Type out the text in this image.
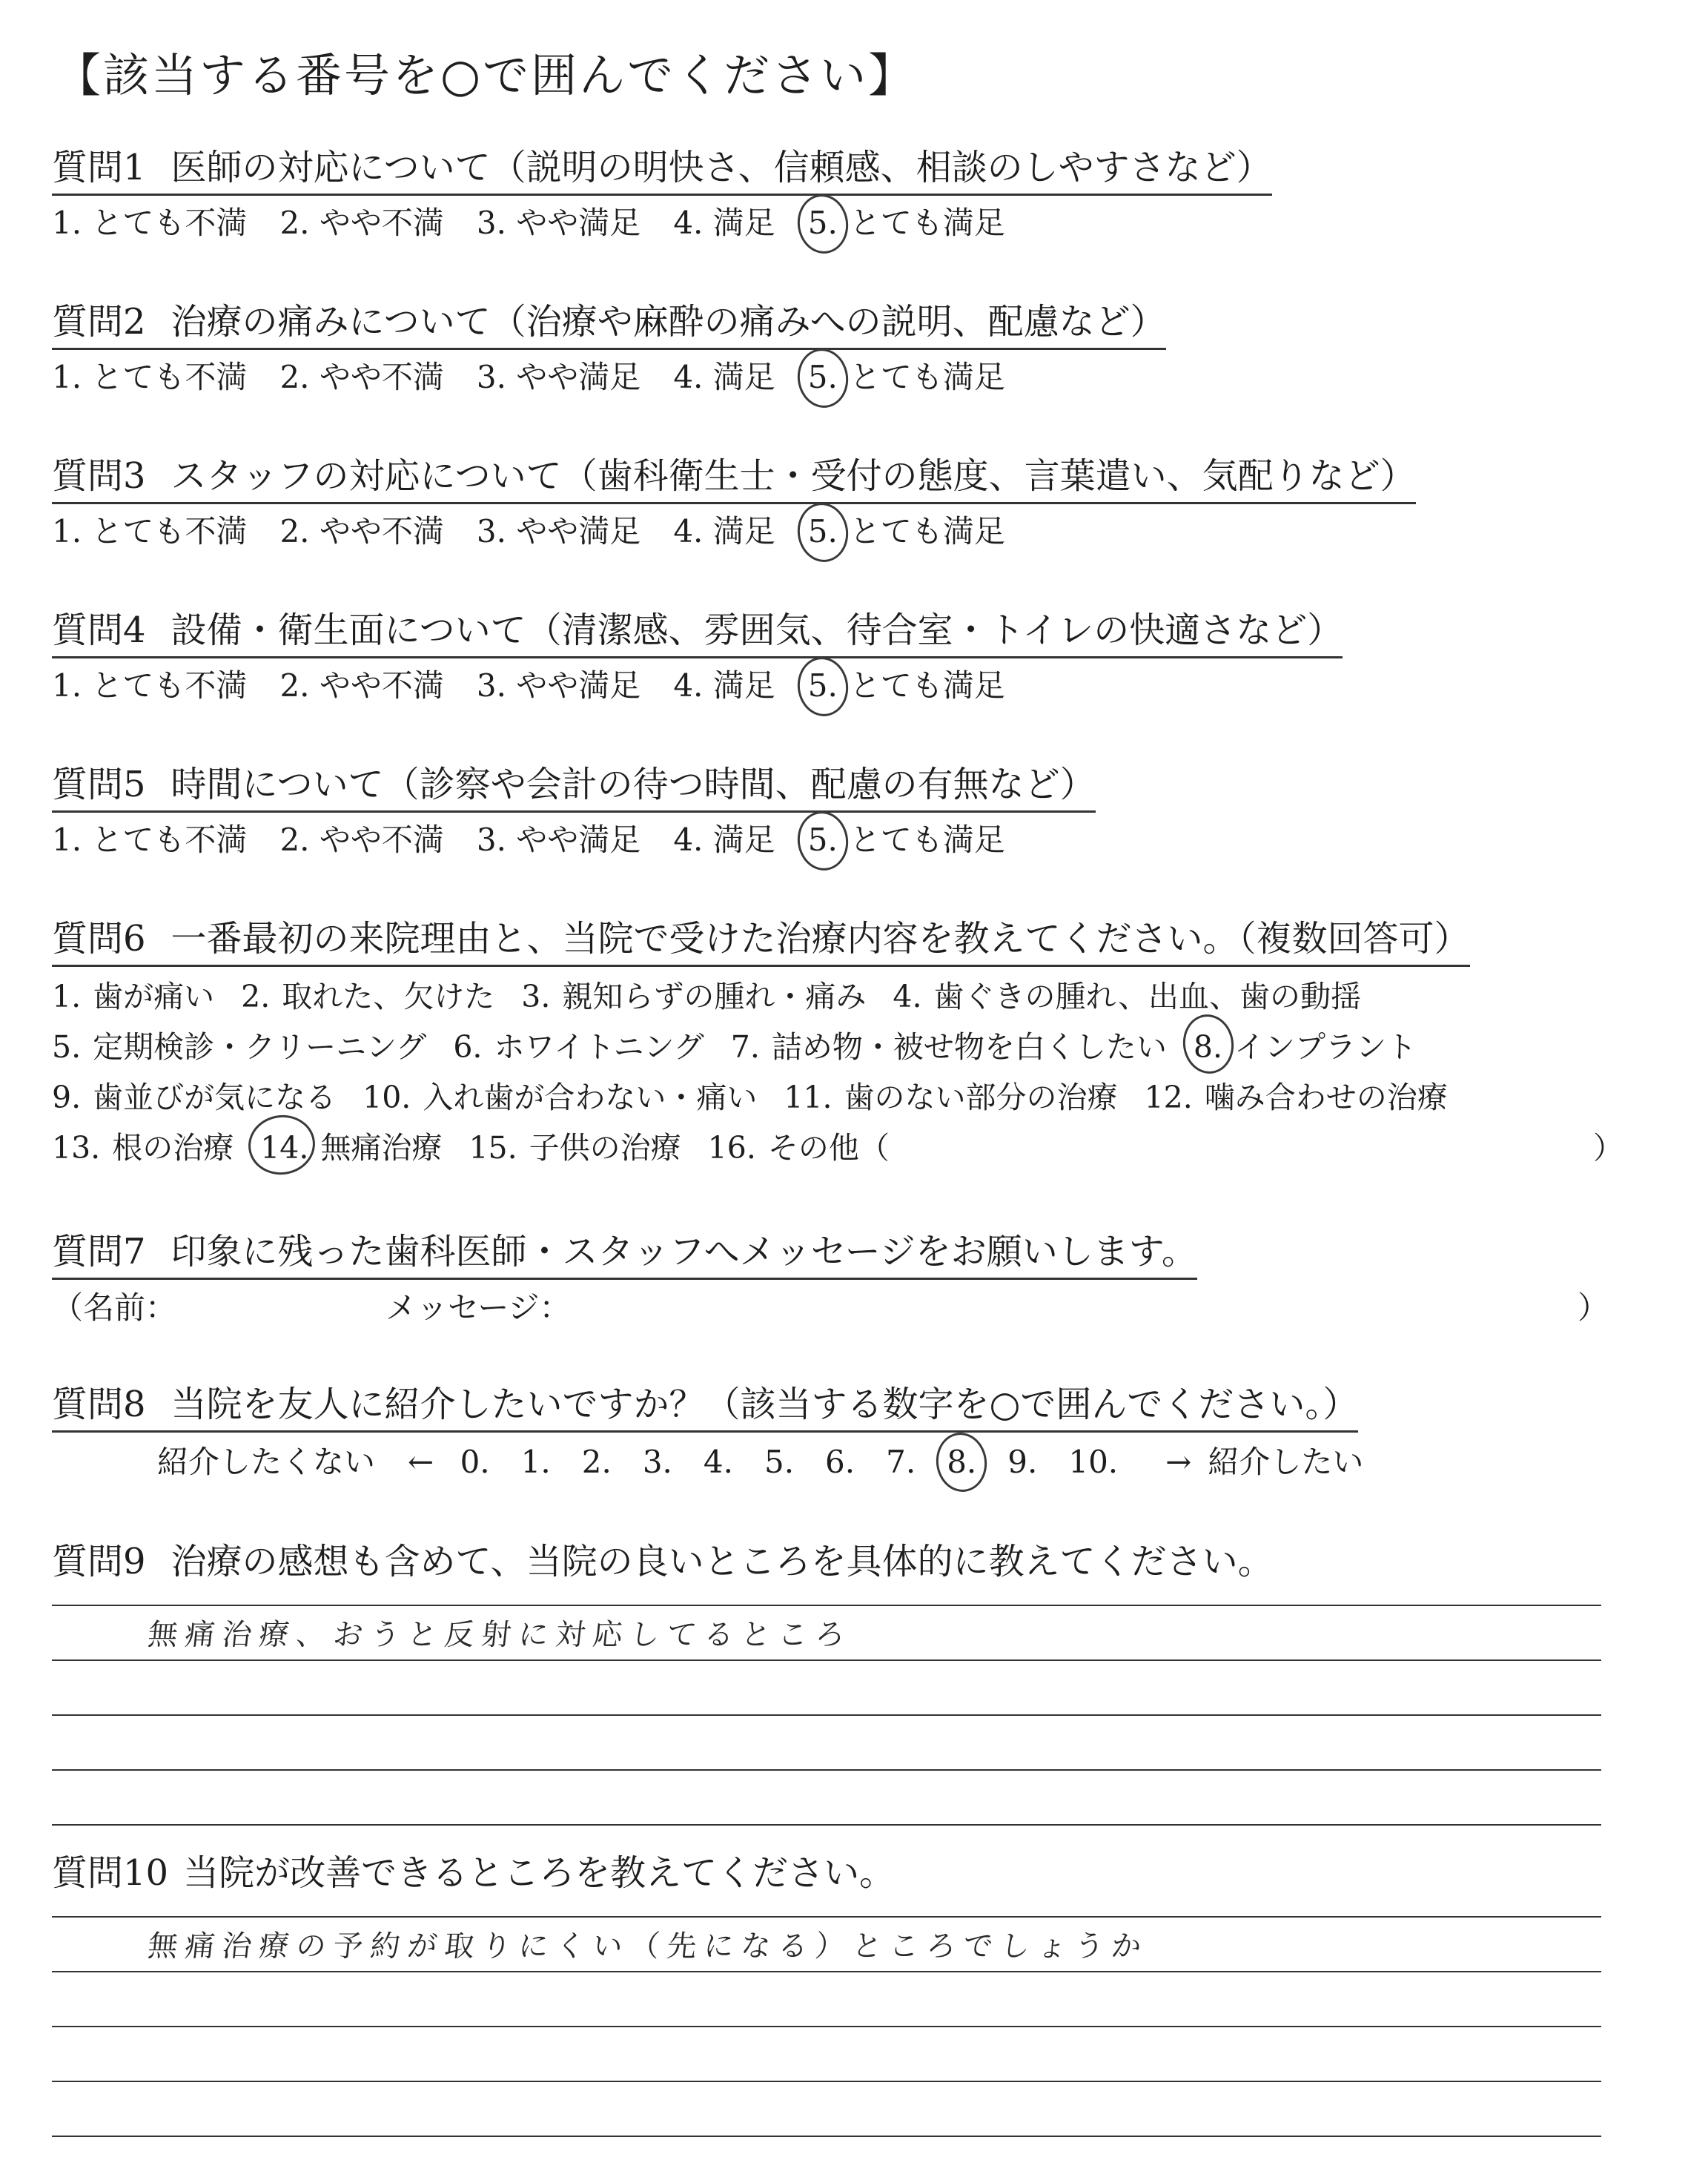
【該当する番号を○で囲んでください】
質問1 医師の対応について（説明の明快さ、信頼感、相談のしやすさなど）
1. とても不満 2. やや不満 3. やや満足 4. 満足 5. とても満足
質問2 治療の痛みについて（治療や麻酔の痛みへの説明、配慮など）
1. とても不満 2. やや不満 3. やや満足 4. 満足 5. とても満足
質問3 スタッフの対応について（歯科衛生士・受付の態度、言葉遣い、気配りなど）
1. とても不満 2. やや不満 3. やや満足 4. 満足 5. とても満足
質問4 設備・衛生面について（清潔感、雰囲気、待合室・トイレの快適さなど）
1. とても不満 2. やや不満 3. やや満足 4. 満足 5. とても満足
質問5 時間について（診察や会計の待つ時間、配慮の有無など）
1. とても不満 2. やや不満 3. やや満足 4. 満足 5. とても満足
質問6 一番最初の来院理由と、当院で受けた治療内容を教えてください。（複数回答可）
1. 歯が痛い 2. 取れた、欠けた 3. 親知らずの腫れ・痛み 4. 歯ぐきの腫れ、出血、歯の動揺
5. 定期検診・クリーニング 6. ホワイトニング 7. 詰め物・被せ物を白くしたい 8. インプラント
9. 歯並びが気になる 10. 入れ歯が合わない・痛い 11. 歯のない部分の治療 12. 噛み合わせの治療
13. 根の治療 14. 無痛治療 15. 子供の治療 16. その他（	）
質問7 印象に残った歯科医師・スタッフへメッセージをお願いします。
（名前：	メッセージ：	）
質問8 当院を友人に紹介したいですか？（該当する数字を○で囲んでください。）
紹介したくない ← 0. 1. 2. 3. 4. 5. 6. 7. 8. 9. 10. → 紹介したい
質問9 治療の感想も含めて、当院の良いところを具体的に教えてください。
無痛治療、おうと反射に対応してるところ
質問10 当院が改善できるところを教えてください。
無痛治療の予約が取りにくい（先になる）ところでしょうか
